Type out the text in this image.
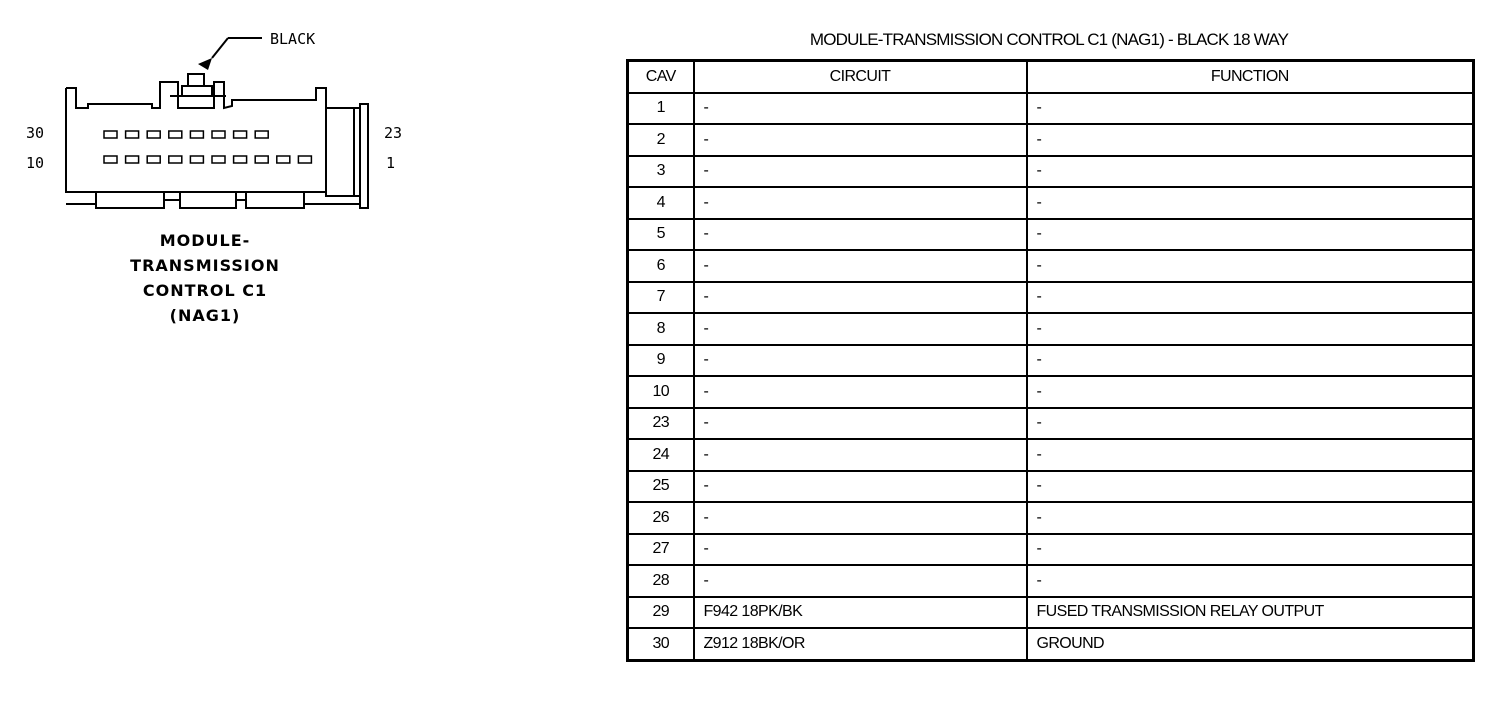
BLACK
30
10
23
1
MODULE-
TRANSMISSION
CONTROL C1
(NAG1)
MODULE-TRANSMISSION CONTROL C1 (NAG1) - BLACK 18 WAY
CAV	CIRCUIT	FUNCTION
1	-	-
2	-	-
3	-	-
4	-	-
5	-	-
6	-	-
7	-	-
8	-	-
9	-	-
10	-	-
23	-	-
24	-	-
25	-	-
26	-	-
27	-	-
28	-	-
29	F942 18PK/BK	FUSED TRANSMISSION RELAY OUTPUT
30	Z912 18BK/OR	GROUND
